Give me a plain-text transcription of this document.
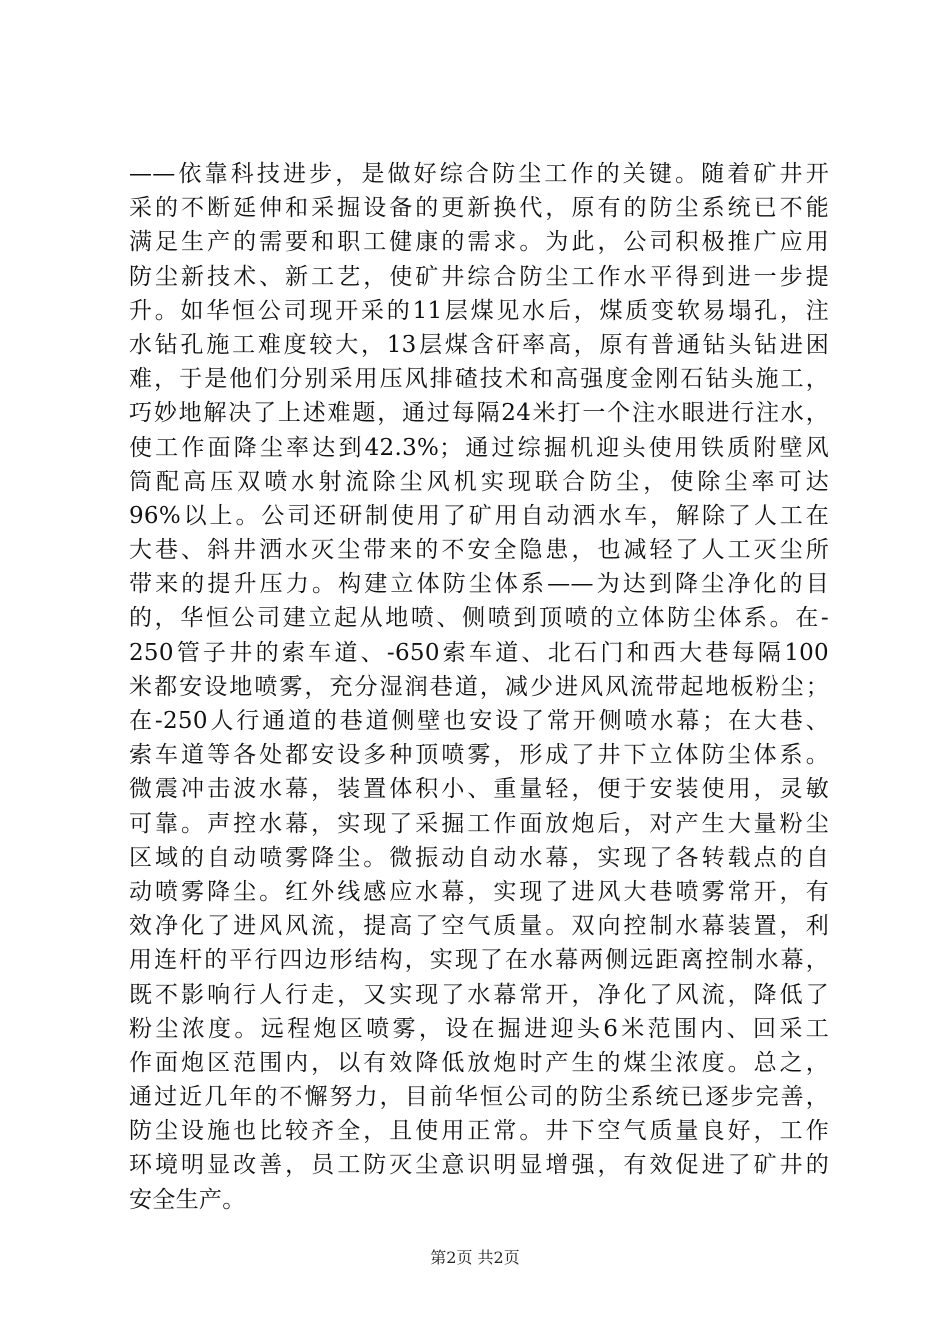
——依靠科技进步，是做好综合防尘工作的关键。随着矿井开
采的不断延伸和采掘设备的更新换代，原有的防尘系统已不能
满足生产的需要和职工健康的需求。为此，公司积极推广应用
防尘新技术、新工艺，使矿井综合防尘工作水平得到进一步提
升。如华恒公司现开采的11层煤见水后，煤质变软易塌孔，注
水钻孔施工难度较大，13层煤含矸率高，原有普通钻头钻进困
难，于是他们分别采用压风排碴技术和高强度金刚石钻头施工，
巧妙地解决了上述难题，通过每隔24米打一个注水眼进行注水，
使工作面降尘率达到42.3%；通过综掘机迎头使用铁质附壁风
筒配高压双喷水射流除尘风机实现联合防尘，使除尘率可达
96%以上。公司还研制使用了矿用自动洒水车，解除了人工在
大巷、斜井洒水灭尘带来的不安全隐患，也减轻了人工灭尘所
带来的提升压力。构建立体防尘体系——为达到降尘净化的目
的，华恒公司建立起从地喷、侧喷到顶喷的立体防尘体系。在-
250管子井的索车道、-650索车道、北石门和西大巷每隔100
米都安设地喷雾，充分湿润巷道，减少进风风流带起地板粉尘；
在-250人行通道的巷道侧壁也安设了常开侧喷水幕；在大巷、
索车道等各处都安设多种顶喷雾，形成了井下立体防尘体系。
微震冲击波水幕，装置体积小、重量轻，便于安装使用，灵敏
可靠。声控水幕，实现了采掘工作面放炮后，对产生大量粉尘
区域的自动喷雾降尘。微振动自动水幕，实现了各转载点的自
动喷雾降尘。红外线感应水幕，实现了进风大巷喷雾常开，有
效净化了进风风流，提高了空气质量。双向控制水幕装置，利
用连杆的平行四边形结构，实现了在水幕两侧远距离控制水幕，
既不影响行人行走，又实现了水幕常开，净化了风流，降低了
粉尘浓度。远程炮区喷雾，设在掘进迎头6米范围内、回采工
作面炮区范围内，以有效降低放炮时产生的煤尘浓度。总之，
通过近几年的不懈努力，目前华恒公司的防尘系统已逐步完善，
防尘设施也比较齐全，且使用正常。井下空气质量良好，工作
环境明显改善，员工防灭尘意识明显增强，有效促进了矿井的
安全生产。
第2页 共2页
